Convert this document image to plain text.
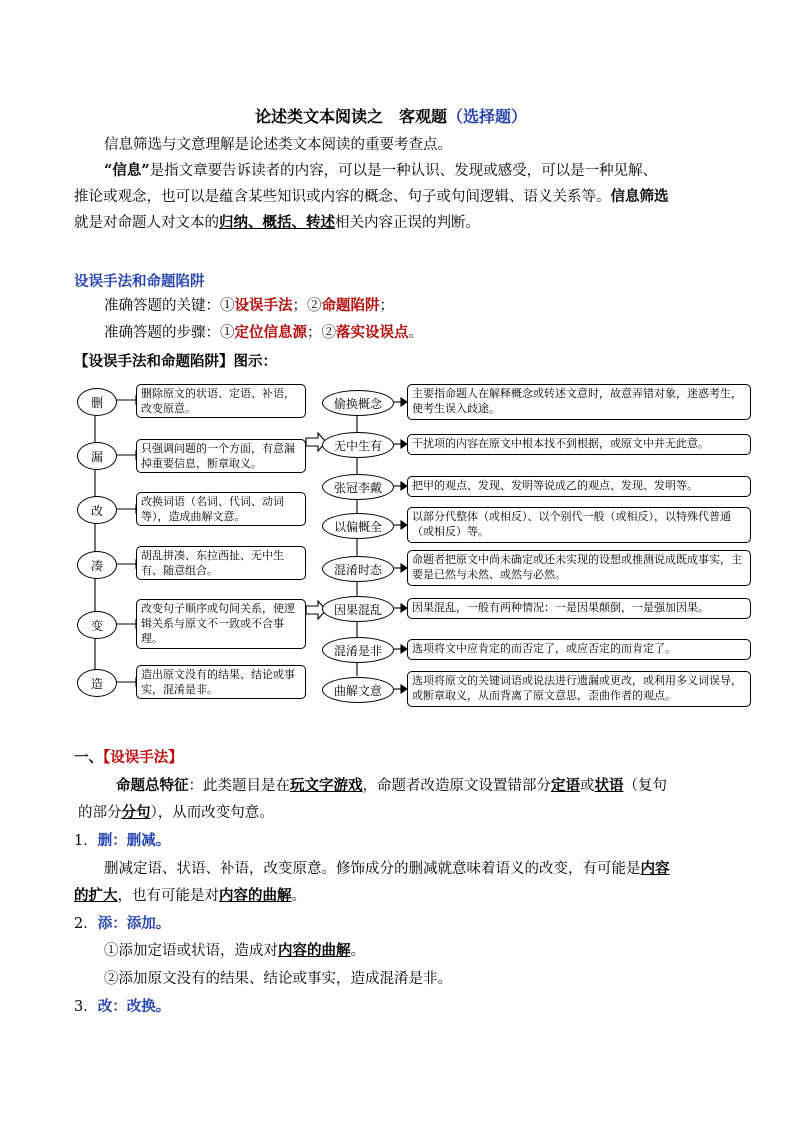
论述类文本阅读之　客观题（选择题）
信息筛选与文意理解是论述类文本阅读的重要考查点。
“信息”是指文章要告诉读者的内容，可以是一种认识、发现或感受，可以是一种见解、
推论或观念，也可以是蕴含某些知识或内容的概念、句子或句间逻辑、语义关系等。信息筛选
就是对命题人对文本的归纳、概括、转述相关内容正误的判断。
设误手法和命题陷阱
准确答题的关键：①设误手法；②命题陷阱；
准确答题的步骤：①定位信息源；②落实设误点。
【设误手法和命题陷阱】图示：
删
漏
改
凑
变
造
删除原文的状语、定语、补语，改变原意。
只强调问题的一个方面，有意漏掉重要信息，断章取义。
改换词语（名词、代词、动词等），造成曲解文意。
胡乱拼凑、东拉西扯、无中生有、随意组合。
改变句子顺序或句间关系，使逻辑关系与原文不一致或不合事理。
造出原文没有的结果、结论或事实，混淆是非。
偷换概念
无中生有
张冠李戴
以偏概全
混淆时态
因果混乱
混淆是非
曲解文意
主要指命题人在解释概念或转述文意时，故意弄错对象，迷惑考生，使考生误入歧途。
干扰项的内容在原文中根本找不到根据，或原文中并无此意。
把甲的观点、发现、发明等说成乙的观点、发现、发明等。
以部分代整体（或相反）、以个别代一般（或相反），以特殊代普通（或相反）等。
命题者把原文中尚未确定或还未实现的设想或推测说成既成事实，主要是已然与未然、或然与必然。
因果混乱，一般有两种情况：一是因果颠倒，一是强加因果。
选项将文中应肯定的而否定了，或应否定的而肯定了。
选项将原文的关键词语或说法进行遗漏或更改，或利用多义词误导，或断章取义，从而背离了原文意思，歪曲作者的观点。
一、【设误手法】
命题总特征：此类题目是在玩文字游戏，命题者改造原文设置错部分定语或状语（复句
的部分分句），从而改变句意。
1．删：删减。
删减定语、状语、补语，改变原意。修饰成分的删减就意味着语义的改变，有可能是内容
的扩大，也有可能是对内容的曲解。
2．添：添加。
①添加定语或状语，造成对内容的曲解。
②添加原文没有的结果、结论或事实，造成混淆是非。
3．改：改换。
